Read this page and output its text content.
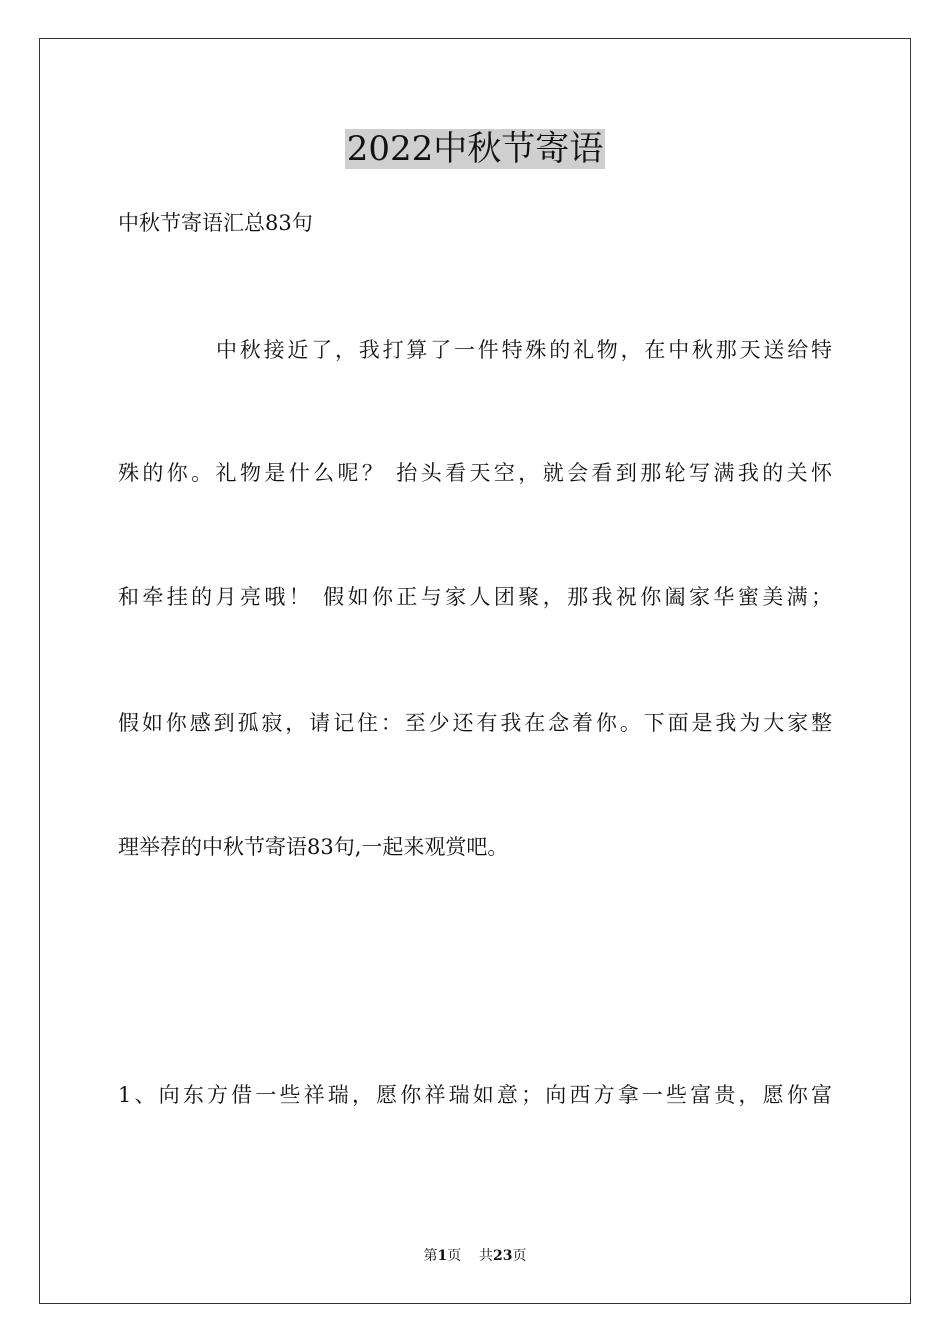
2022中秋节寄语
中秋节寄语汇总83句
中秋接近了，我打算了一件特殊的礼物，在中秋那天送给特
殊的你。礼物是什么呢？ 抬头看天空，就会看到那轮写满我的关怀
和牵挂的月亮哦！ 假如你正与家人团聚，那我祝你阖家华蜜美满；
假如你感到孤寂，请记住：至少还有我在念着你。下面是我为大家整
理举荐的中秋节寄语83句,一起来观赏吧。
1、向东方借一些祥瑞，愿你祥瑞如意；向西方拿一些富贵，愿你富
第1页 共23页
